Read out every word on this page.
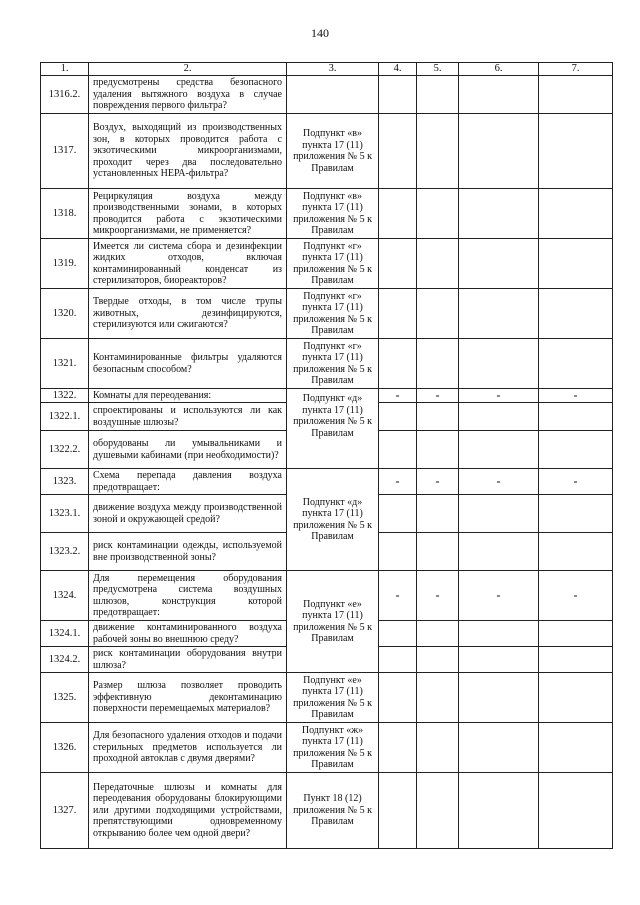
140
1.	2.	3.	4.	5.	6.	7.
1316.2.	предусмотрены средства безопасного удаления вытяжного воздуха в случае повреждения первого фильтра?					
1317.	Воздух, выходящий из производственных зон, в которых проводится работа с экзотическими микроорганизмами, проходит через два последовательно установленных НЕРА-фильтра?	Подпункт «в» пункта 17 (11) приложения № 5 к Правилам				
1318.	Рециркуляция воздуха между производственными зонами, в которых проводится работа с экзотическими микроорганизмами, не применяется?	Подпункт «в» пункта 17 (11) приложения № 5 к Правилам				
1319.	Имеется ли система сбора и дезинфекции жидких отходов, включая контаминированный конденсат из стерилизаторов, биореакторов?	Подпункт «г» пункта 17 (11) приложения № 5 к Правилам				
1320.	Твердые отходы, в том числе трупы животных, дезинфицируются, стерилизуются или сжигаются?	Подпункт «г» пункта 17 (11) приложения № 5 к Правилам				
1321.	Контаминированные фильтры удаляются безопасным способом?	Подпункт «г» пункта 17 (11) приложения № 5 к Правилам				
1322.	Комнаты для переодевания:	Подпункт «д» пункта 17 (11) приложения № 5 к Правилам	-	-	-	-
1322.1.	спроектированы и используются ли как воздушные шлюзы?					
1322.2.	оборудованы ли умывальниками и душевыми кабинами (при необходимости)?					
1323.	Схема перепада давления воздуха предотвращает:	Подпункт «д» пункта 17 (11) приложения № 5 к Правилам	-	-	-	-
1323.1.	движение воздуха между производственной зоной и окружающей средой?					
1323.2.	риск контаминации одежды, используемой вне производственной зоны?					
1324.	Для перемещения оборудования предусмотрена система воздушных шлюзов, конструкция которой предотвращает:	Подпункт «е» пункта 17 (11) приложения № 5 к Правилам	-	-	-	-
1324.1.	движение контаминированного воздуха рабочей зоны во внешнюю среду?					
1324.2.	риск контаминации оборудования внутри шлюза?					
1325.	Размер шлюза позволяет проводить эффективную деконтаминацию поверхности перемещаемых материалов?	Подпункт «е» пункта 17 (11) приложения № 5 к Правилам				
1326.	Для безопасного удаления отходов и подачи стерильных предметов используется ли проходной автоклав с двумя дверями?	Подпункт «ж» пункта 17 (11) приложения № 5 к Правилам				
1327.	Передаточные шлюзы и комнаты для переодевания оборудованы блокирующими или другими подходящими устройствами, препятствующими одновременному открыванию более чем одной двери?	Пункт 18 (12) приложения № 5 к Правилам				
